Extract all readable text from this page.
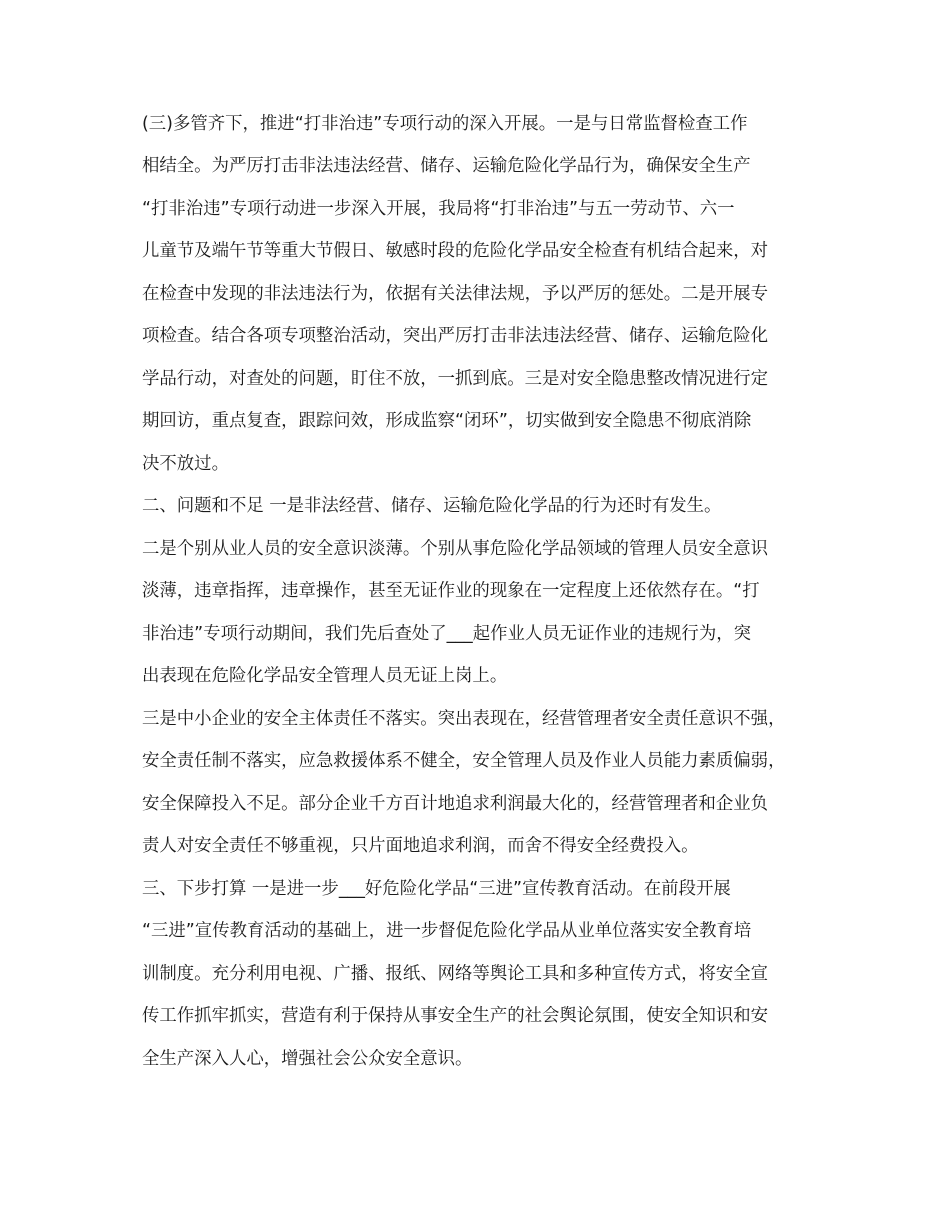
(三)多管齐下，推进“打非治违”专项行动的深入开展。一是与日常监督检查工作
相结全。为严厉打击非法违法经营、储存、运输危险化学品行为，确保安全生产
“打非治违”专项行动进一步深入开展，我局将“打非治违”与五一劳动节、六一
儿童节及端午节等重大节假日、敏感时段的危险化学品安全检查有机结合起来，对
在检查中发现的非法违法行为，依据有关法律法规，予以严厉的惩处。二是开展专
项检查。结合各项专项整治活动，突出严厉打击非法违法经营、储存、运输危险化
学品行动，对查处的问题，盯住不放，一抓到底。三是对安全隐患整改情况进行定
期回访，重点复查，跟踪问效，形成监察“闭环”，切实做到安全隐患不彻底消除
决不放过。
二、问题和不足 一是非法经营、储存、运输危险化学品的行为还时有发生。
二是个别从业人员的安全意识淡薄。个别从事危险化学品领域的管理人员安全意识
淡薄，违章指挥，违章操作，甚至无证作业的现象在一定程度上还依然存在。“打
非治违”专项行动期间，我们先后查处了___起作业人员无证作业的违规行为，突
出表现在危险化学品安全管理人员无证上岗上。
三是中小企业的安全主体责任不落实。突出表现在，经营管理者安全责任意识不强，
安全责任制不落实，应急救援体系不健全，安全管理人员及作业人员能力素质偏弱，
安全保障投入不足。部分企业千方百计地追求利润最大化的，经营管理者和企业负
责人对安全责任不够重视，只片面地追求利润，而舍不得安全经费投入。
三、下步打算 一是进一步___好危险化学品“三进”宣传教育活动。在前段开展
“三进”宣传教育活动的基础上，进一步督促危险化学品从业单位落实安全教育培
训制度。充分利用电视、广播、报纸、网络等舆论工具和多种宣传方式，将安全宣
传工作抓牢抓实，营造有利于保持从事安全生产的社会舆论氛围，使安全知识和安
全生产深入人心，增强社会公众安全意识。
